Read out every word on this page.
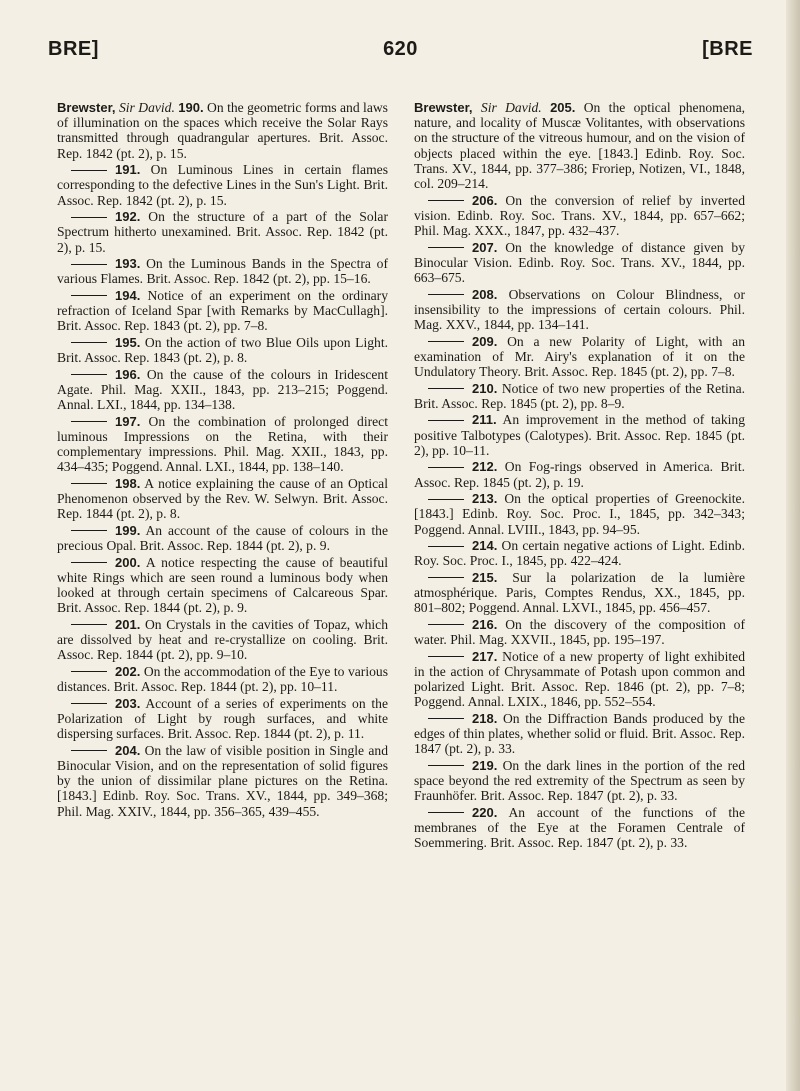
BRE]	620	[BRE

Brewster, Sir David. 190. On the geometric forms and laws of illumination on the spaces which receive the Solar Rays transmitted through quadrangular apertures. Brit. Assoc. Rep. 1842 (pt. 2), p. 15.

191. On Luminous Lines in certain flames corresponding to the defective Lines in the Sun's Light. Brit. Assoc. Rep. 1842 (pt. 2), p. 15.

192. On the structure of a part of the Solar Spectrum hitherto unexamined. Brit. Assoc. Rep. 1842 (pt. 2), p. 15.

193. On the Luminous Bands in the Spectra of various Flames. Brit. Assoc. Rep. 1842 (pt. 2), pp. 15–16.

194. Notice of an experiment on the ordinary refraction of Iceland Spar [with Remarks by MacCullagh]. Brit. Assoc. Rep. 1843 (pt. 2), pp. 7–8.

195. On the action of two Blue Oils upon Light. Brit. Assoc. Rep. 1843 (pt. 2), p. 8.

196. On the cause of the colours in Iridescent Agate. Phil. Mag. XXII., 1843, pp. 213–215; Poggend. Annal. LXI., 1844, pp. 134–138.

197. On the combination of prolonged direct luminous Impressions on the Retina, with their complementary impressions. Phil. Mag. XXII., 1843, pp. 434–435; Poggend. Annal. LXI., 1844, pp. 138–140.

198. A notice explaining the cause of an Optical Phenomenon observed by the Rev. W. Selwyn. Brit. Assoc. Rep. 1844 (pt. 2), p. 8.

199. An account of the cause of colours in the precious Opal. Brit. Assoc. Rep. 1844 (pt. 2), p. 9.

200. A notice respecting the cause of beautiful white Rings which are seen round a luminous body when looked at through certain specimens of Calcareous Spar. Brit. Assoc. Rep. 1844 (pt. 2), p. 9.

201. On Crystals in the cavities of Topaz, which are dissolved by heat and re-crystallize on cooling. Brit. Assoc. Rep. 1844 (pt. 2), pp. 9–10.

202. On the accommodation of the Eye to various distances. Brit. Assoc. Rep. 1844 (pt. 2), pp. 10–11.

203. Account of a series of experiments on the Polarization of Light by rough surfaces, and white dispersing surfaces. Brit. Assoc. Rep. 1844 (pt. 2), p. 11.

204. On the law of visible position in Single and Binocular Vision, and on the representation of solid figures by the union of dissimilar plane pictures on the Retina. [1843.] Edinb. Roy. Soc. Trans. XV., 1844, pp. 349–368; Phil. Mag. XXIV., 1844, pp. 356–365, 439–455.

Brewster, Sir David. 205. On the optical phenomena, nature, and locality of Muscæ Volitantes, with observations on the structure of the vitreous humour, and on the vision of objects placed within the eye. [1843.] Edinb. Roy. Soc. Trans. XV., 1844, pp. 377–386; Froriep, Notizen, VI., 1848, col. 209–214.

206. On the conversion of relief by inverted vision. Edinb. Roy. Soc. Trans. XV., 1844, pp. 657–662; Phil. Mag. XXX., 1847, pp. 432–437.

207. On the knowledge of distance given by Binocular Vision. Edinb. Roy. Soc. Trans. XV., 1844, pp. 663–675.

208. Observations on Colour Blindness, or insensibility to the impressions of certain colours. Phil. Mag. XXV., 1844, pp. 134–141.

209. On a new Polarity of Light, with an examination of Mr. Airy's explanation of it on the Undulatory Theory. Brit. Assoc. Rep. 1845 (pt. 2), pp. 7–8.

210. Notice of two new properties of the Retina. Brit. Assoc. Rep. 1845 (pt. 2), pp. 8–9.

211. An improvement in the method of taking positive Talbotypes (Calotypes). Brit. Assoc. Rep. 1845 (pt. 2), pp. 10–11.

212. On Fog-rings observed in America. Brit. Assoc. Rep. 1845 (pt. 2), p. 19.

213. On the optical properties of Greenockite. [1843.] Edinb. Roy. Soc. Proc. I., 1845, pp. 342–343; Poggend. Annal. LVIII., 1843, pp. 94–95.

214. On certain negative actions of Light. Edinb. Roy. Soc. Proc. I., 1845, pp. 422–424.

215. Sur la polarization de la lumière atmosphérique. Paris, Comptes Rendus, XX., 1845, pp. 801–802; Poggend. Annal. LXVI., 1845, pp. 456–457.

216. On the discovery of the composition of water. Phil. Mag. XXVII., 1845, pp. 195–197.

217. Notice of a new property of light exhibited in the action of Chrysammate of Potash upon common and polarized Light. Brit. Assoc. Rep. 1846 (pt. 2), pp. 7–8; Poggend. Annal. LXIX., 1846, pp. 552–554.

218. On the Diffraction Bands produced by the edges of thin plates, whether solid or fluid. Brit. Assoc. Rep. 1847 (pt. 2), p. 33.

219. On the dark lines in the portion of the red space beyond the red extremity of the Spectrum as seen by Fraunhöfer. Brit. Assoc. Rep. 1847 (pt. 2), p. 33.

220. An account of the functions of the membranes of the Eye at the Foramen Centrale of Soemmering. Brit. Assoc. Rep. 1847 (pt. 2), p. 33.
